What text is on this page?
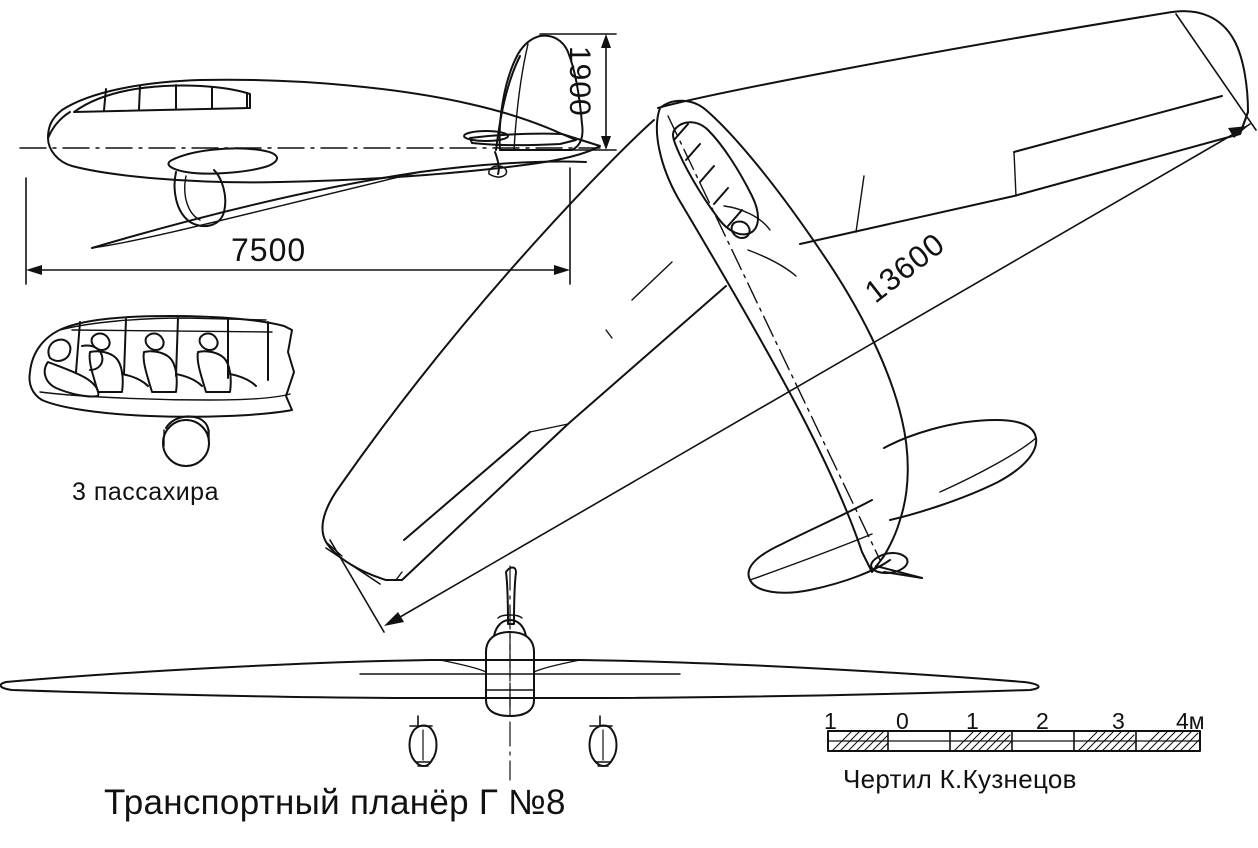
1900
7500	13600
3 пассахира
Транспортный планёр Г №8
Чертил К.Кузнецов
1	0 1 2	3 4м
